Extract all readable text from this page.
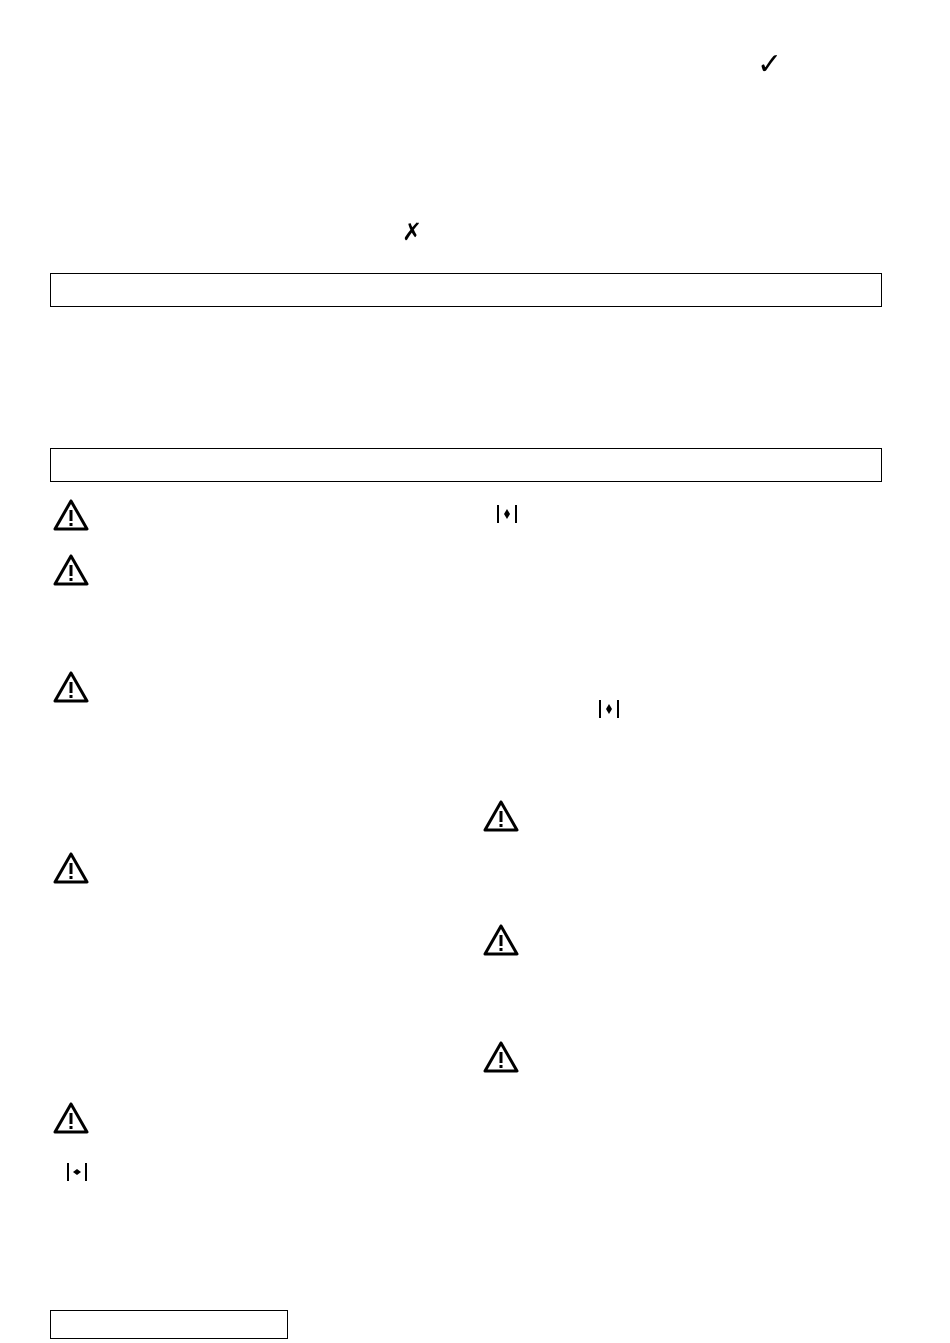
✓
✗
